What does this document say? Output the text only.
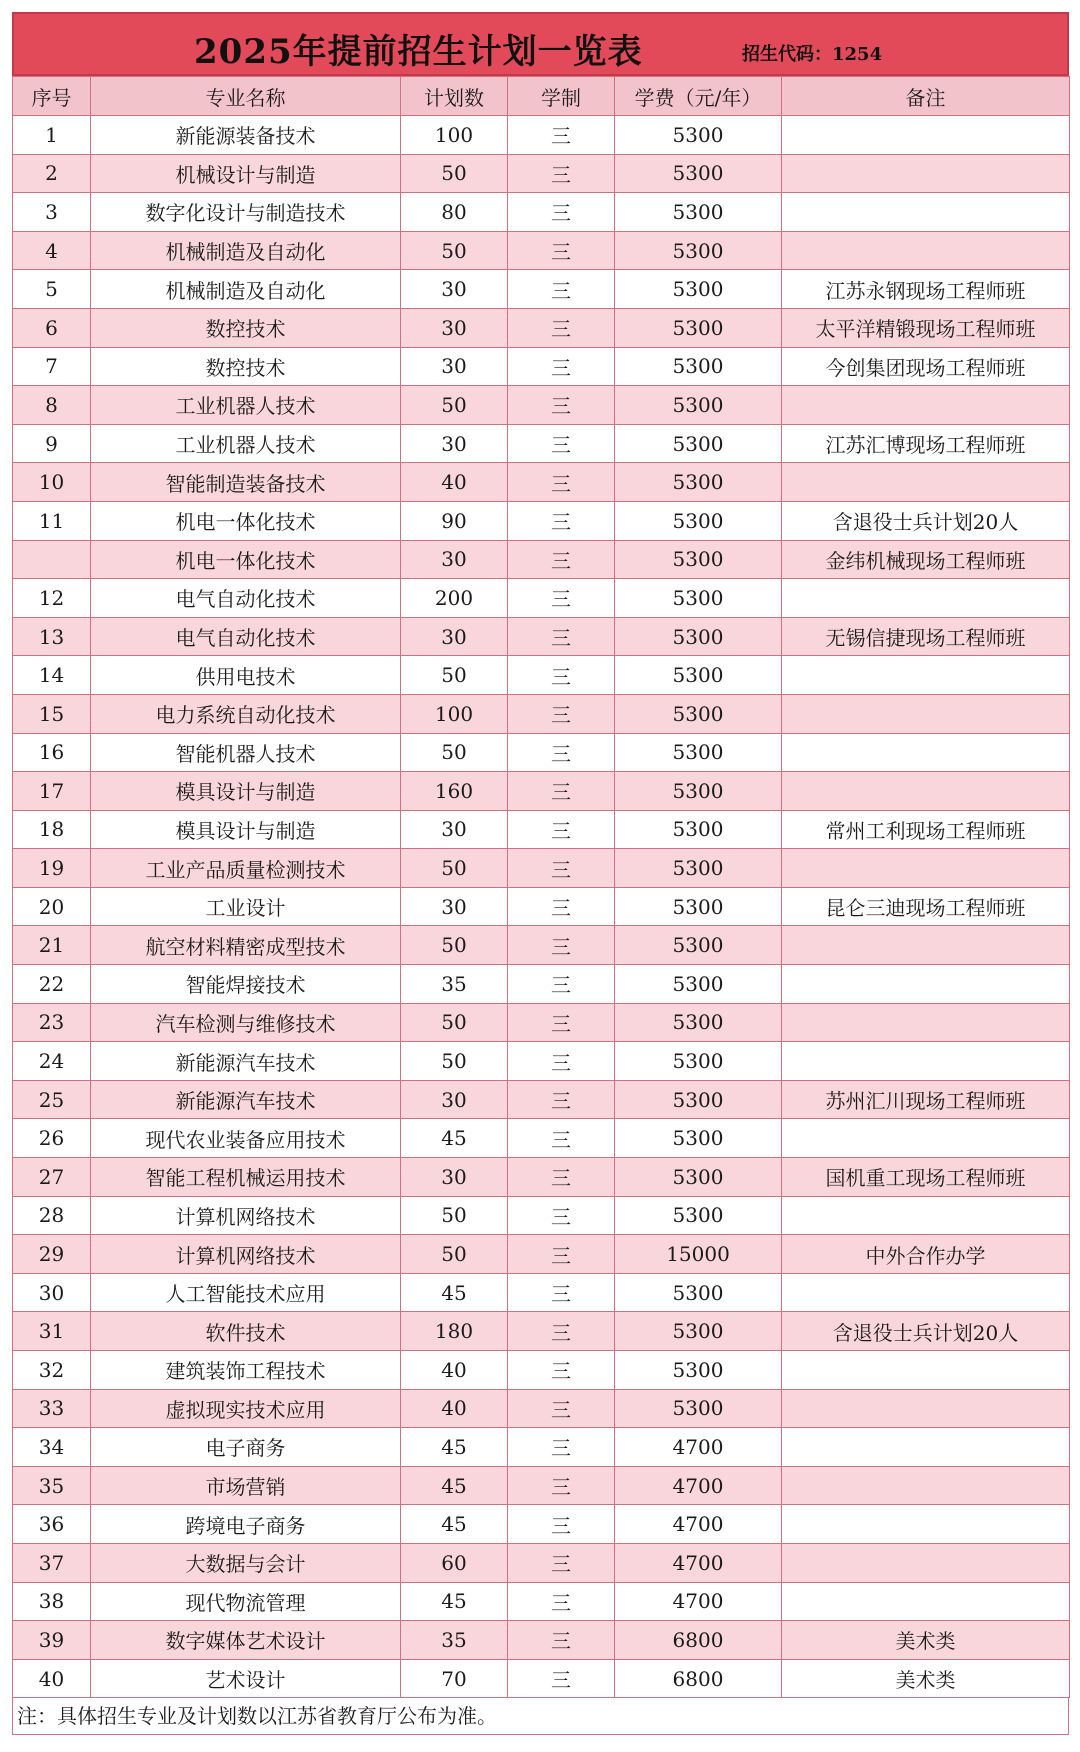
2025年提前招生计划一览表	招生代码：1254
序号	专业名称	计划数	学制	学费（元/年）	备注
1	新能源装备技术	100	三	5300	
2	机械设计与制造	50	三	5300	
3	数字化设计与制造技术	80	三	5300	
4	机械制造及自动化	50	三	5300	
5	机械制造及自动化	30	三	5300	江苏永钢现场工程师班
6	数控技术	30	三	5300	太平洋精锻现场工程师班
7	数控技术	30	三	5300	今创集团现场工程师班
8	工业机器人技术	50	三	5300	
9	工业机器人技术	30	三	5300	江苏汇博现场工程师班
10	智能制造装备技术	40	三	5300	
11	机电一体化技术	90	三	5300	含退役士兵计划20人
	机电一体化技术	30	三	5300	金纬机械现场工程师班
12	电气自动化技术	200	三	5300	
13	电气自动化技术	30	三	5300	无锡信捷现场工程师班
14	供用电技术	50	三	5300	
15	电力系统自动化技术	100	三	5300	
16	智能机器人技术	50	三	5300	
17	模具设计与制造	160	三	5300	
18	模具设计与制造	30	三	5300	常州工利现场工程师班
19	工业产品质量检测技术	50	三	5300	
20	工业设计	30	三	5300	昆仑三迪现场工程师班
21	航空材料精密成型技术	50	三	5300	
22	智能焊接技术	35	三	5300	
23	汽车检测与维修技术	50	三	5300	
24	新能源汽车技术	50	三	5300	
25	新能源汽车技术	30	三	5300	苏州汇川现场工程师班
26	现代农业装备应用技术	45	三	5300	
27	智能工程机械运用技术	30	三	5300	国机重工现场工程师班
28	计算机网络技术	50	三	5300	
29	计算机网络技术	50	三	15000	中外合作办学
30	人工智能技术应用	45	三	5300	
31	软件技术	180	三	5300	含退役士兵计划20人
32	建筑装饰工程技术	40	三	5300	
33	虚拟现实技术应用	40	三	5300	
34	电子商务	45	三	4700	
35	市场营销	45	三	4700	
36	跨境电子商务	45	三	4700	
37	大数据与会计	60	三	4700	
38	现代物流管理	45	三	4700	
39	数字媒体艺术设计	35	三	6800	美术类
40	艺术设计	70	三	6800	美术类
注：具体招生专业及计划数以江苏省教育厅公布为准。
